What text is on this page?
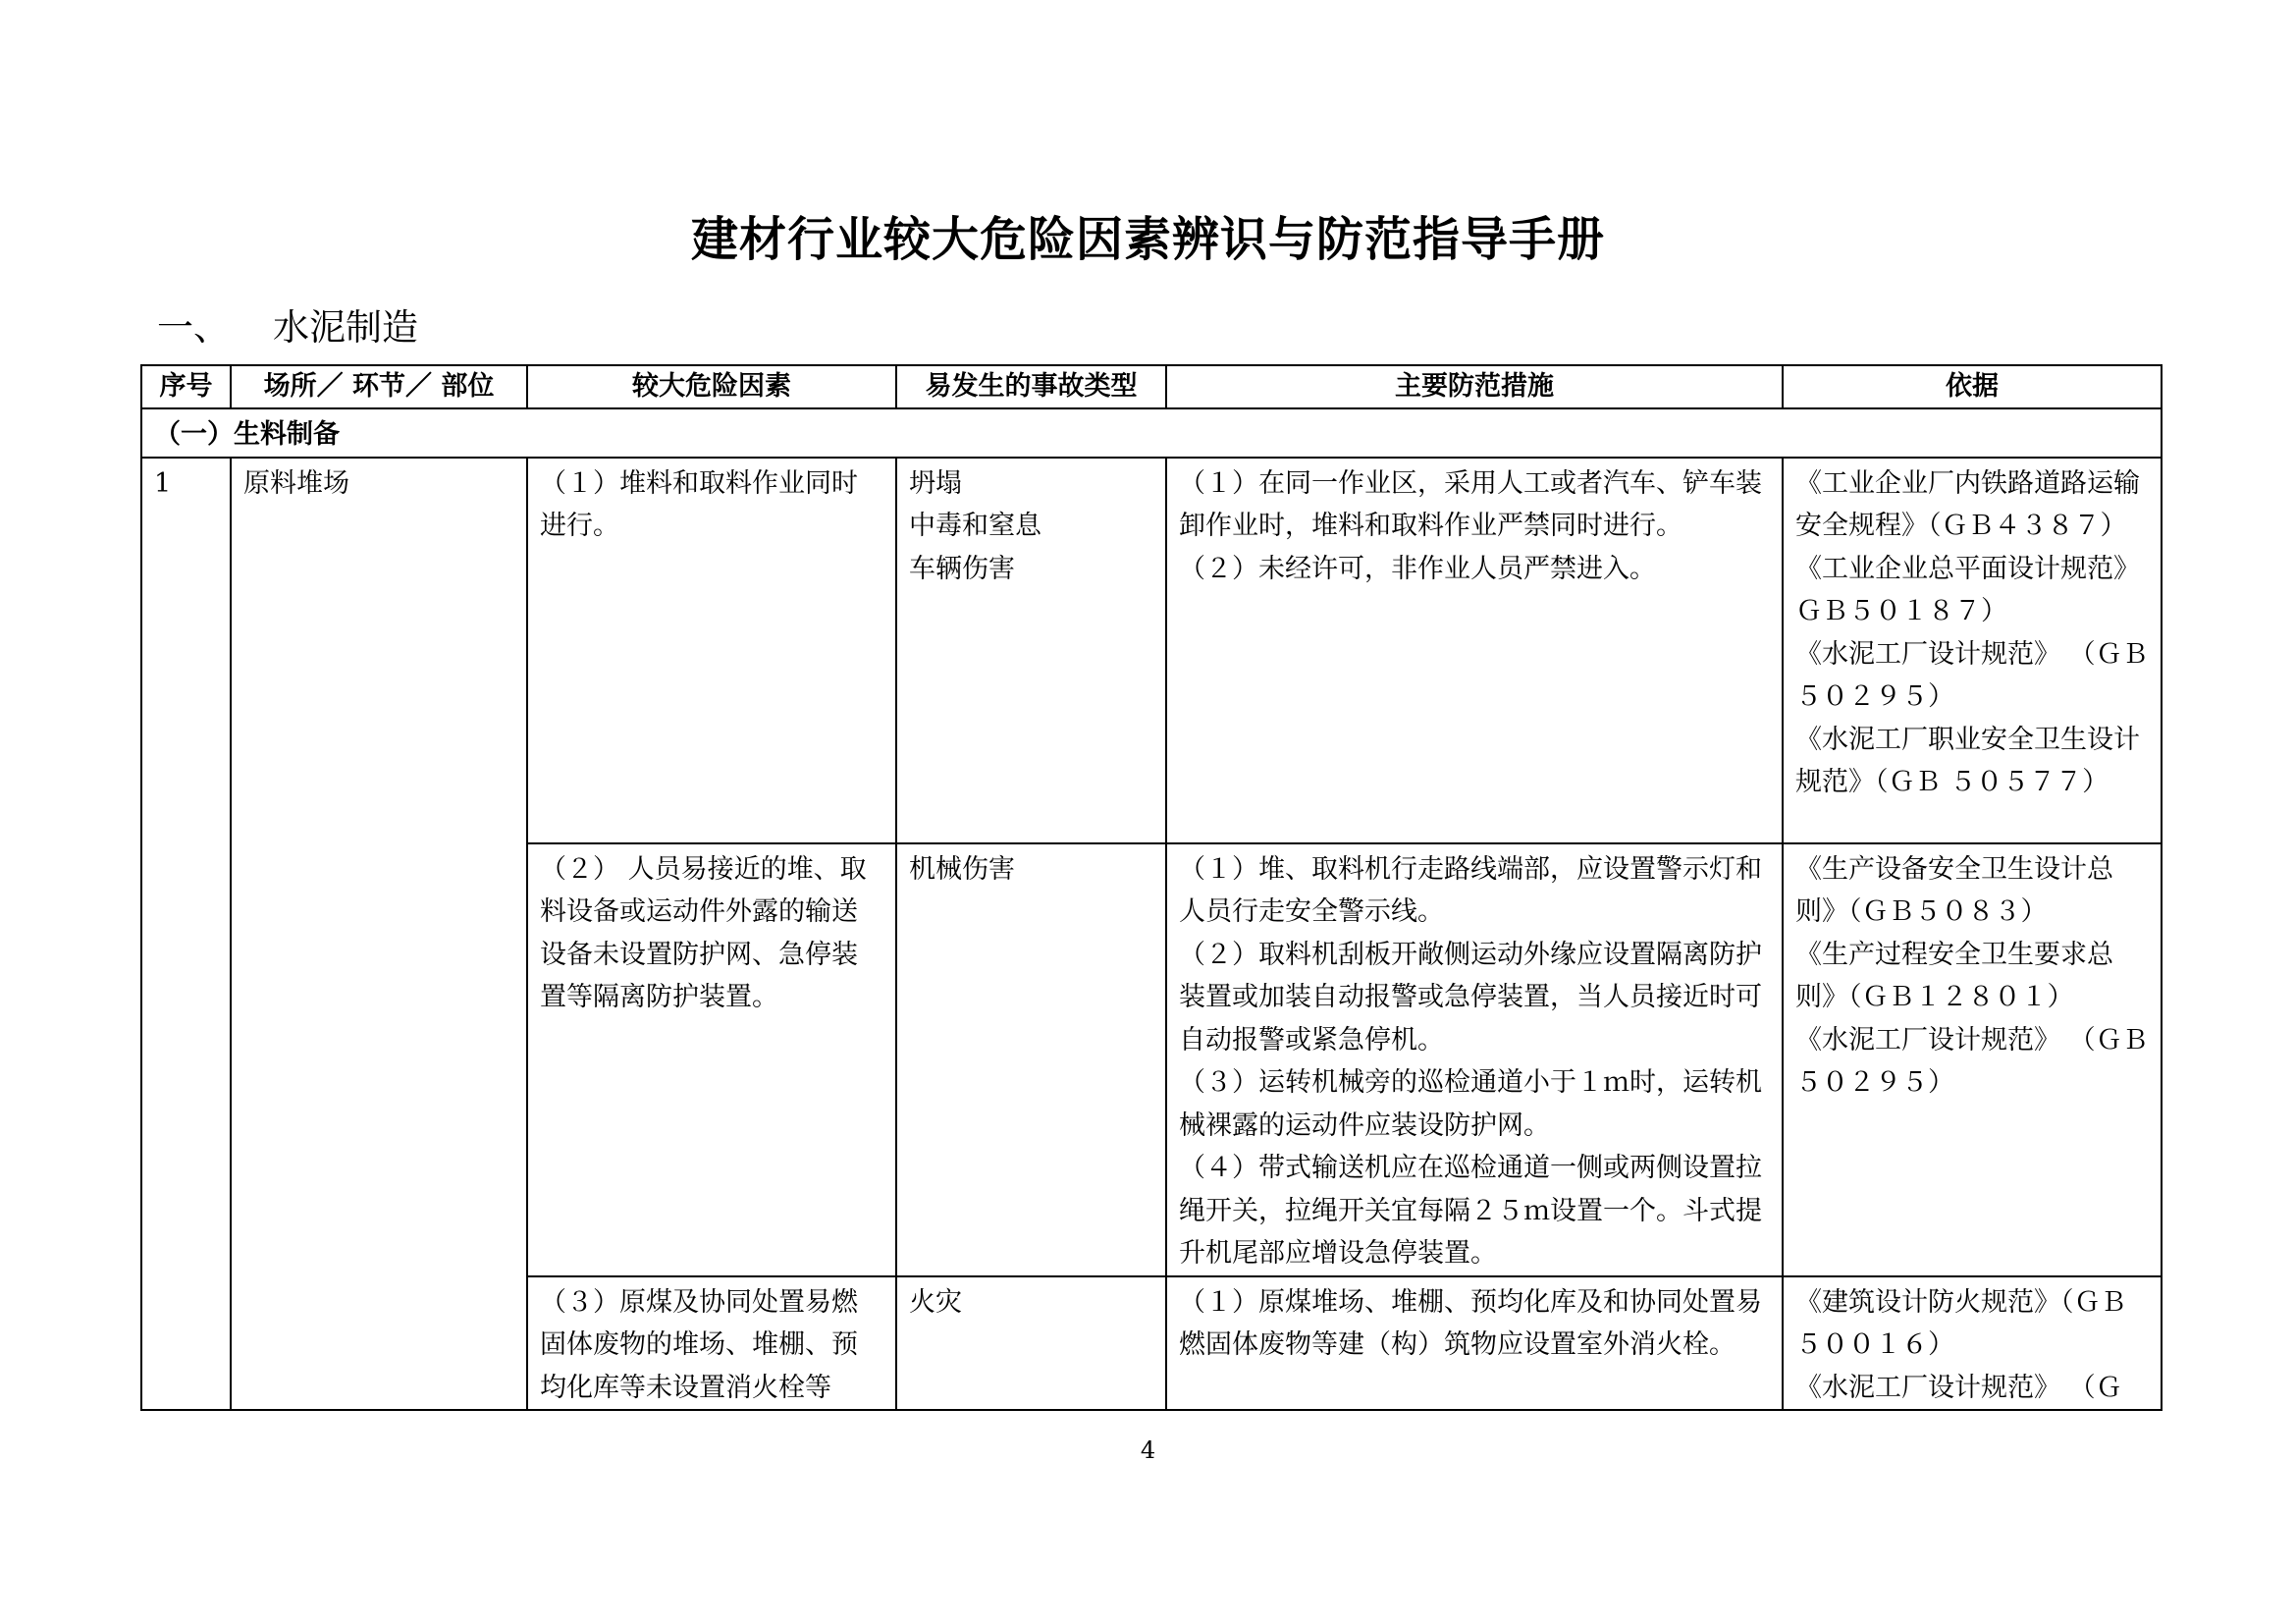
建材行业较大危险因素辨识与防范指导手册
一、 水泥制造
序号	场所／ 环节／ 部位	较大危险因素	易发生的事故类型	主要防范措施	依据
（一）生料制备					
1	原料堆场	（１）堆料和取料作业同时进行。	坍塌
中毒和窒息
车辆伤害	（１）在同一作业区，采用人工或者汽车、铲车装卸作业时，堆料和取料作业严禁同时进行。
（２）未经许可，非作业人员严禁进入。	《工业企业厂内铁路道路运输安全规程》（ＧＢ４３８７）
《工业企业总平面设计规范》 ＧＢ５０１８７）
《水泥工厂设计规范》 （ＧＢ５０２９５）
《水泥工厂职业安全卫生设计规范》（ＧＢ ５０５７７）

		（２） 人员易接近的堆、取料设备或运动件外露的输送设备未设置防护网、急停装置等隔离防护装置。	机械伤害	（１）堆、取料机行走路线端部，应设置警示灯和人员行走安全警示线。
（２）取料机刮板开敞侧运动外缘应设置隔离防护装置或加装自动报警或急停装置，当人员接近时可自动报警或紧急停机。
（３）运转机械旁的巡检通道小于１ｍ时，运转机械裸露的运动件应装设防护网。
（４）带式输送机应在巡检通道一侧或两侧设置拉绳开关，拉绳开关宜每隔２５ｍ设置一个。斗式提升机尾部应增设急停装置。	《生产设备安全卫生设计总则》（ＧＢ５０８３）
《生产过程安全卫生要求总则》（ＧＢ１２８０１）
《水泥工厂设计规范》 （ＧＢ ５０２９５）

		（３）原煤及协同处置易燃固体废物的堆场、堆棚、预均化库等未设置消火栓等	火灾	（１）原煤堆场、堆棚、预均化库及和协同处置易燃固体废物等建（构）筑物应设置室外消火栓。	《建筑设计防火规范》（ＧＢ５００１６）
《水泥工厂设计规范》 （Ｇ
4
